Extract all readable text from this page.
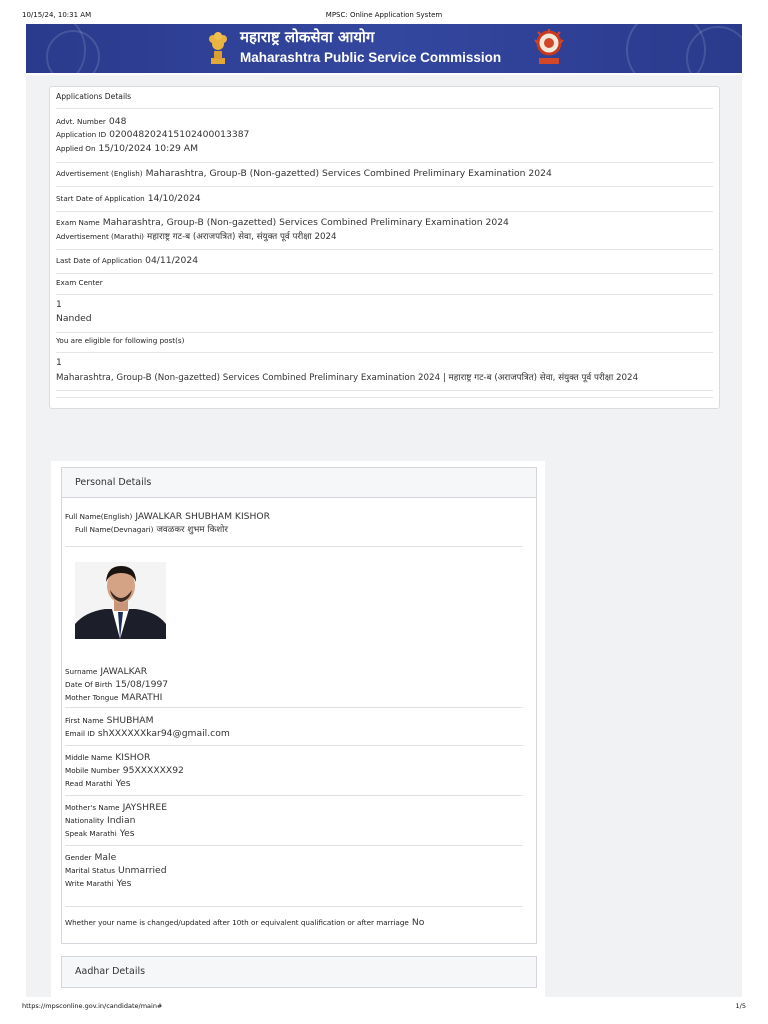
10/15/24, 10:31 AM	MPSC: Online Application System
महाराष्ट्र लोकसेवा आयोग
Maharashtra Public Service Commission
Applications Details
Advt. Number 048
Application ID 020048202415102400013387
Applied On 15/10/2024 10:29 AM
Advertisement (English) Maharashtra, Group-B (Non-gazetted) Services Combined Preliminary Examination 2024
Start Date of Application 14/10/2024
Exam Name Maharashtra, Group-B (Non-gazetted) Services Combined Preliminary Examination 2024
Advertisement (Marathi) महाराष्ट्र गट-ब (अराजपत्रित) सेवा, संयुक्त पूर्व परीक्षा 2024
Last Date of Application 04/11/2024
Exam Center
1
Nanded
You are eligible for following post(s)
1
Maharashtra, Group-B (Non-gazetted) Services Combined Preliminary Examination 2024 | महाराष्ट्र गट-ब (अराजपत्रित) सेवा, संयुक्त पूर्व परीक्षा 2024
Personal Details
Full Name(English) JAWALKAR SHUBHAM KISHOR
Full Name(Devnagari) जवळकर शुभम किशोर
Surname JAWALKAR
Date Of Birth 15/08/1997
Mother Tongue MARATHI
First Name SHUBHAM
Email ID shXXXXXXkar94@gmail.com
Middle Name KISHOR
Mobile Number 95XXXXXX92
Read Marathi Yes
Mother's Name JAYSHREE
Nationality Indian
Speak Marathi Yes
Gender Male
Marital Status Unmarried
Write Marathi Yes
Whether your name is changed/updated after 10th or equivalent qualification or after marriage No
Aadhar Details
https://mpsconline.gov.in/candidate/main#	1/5
